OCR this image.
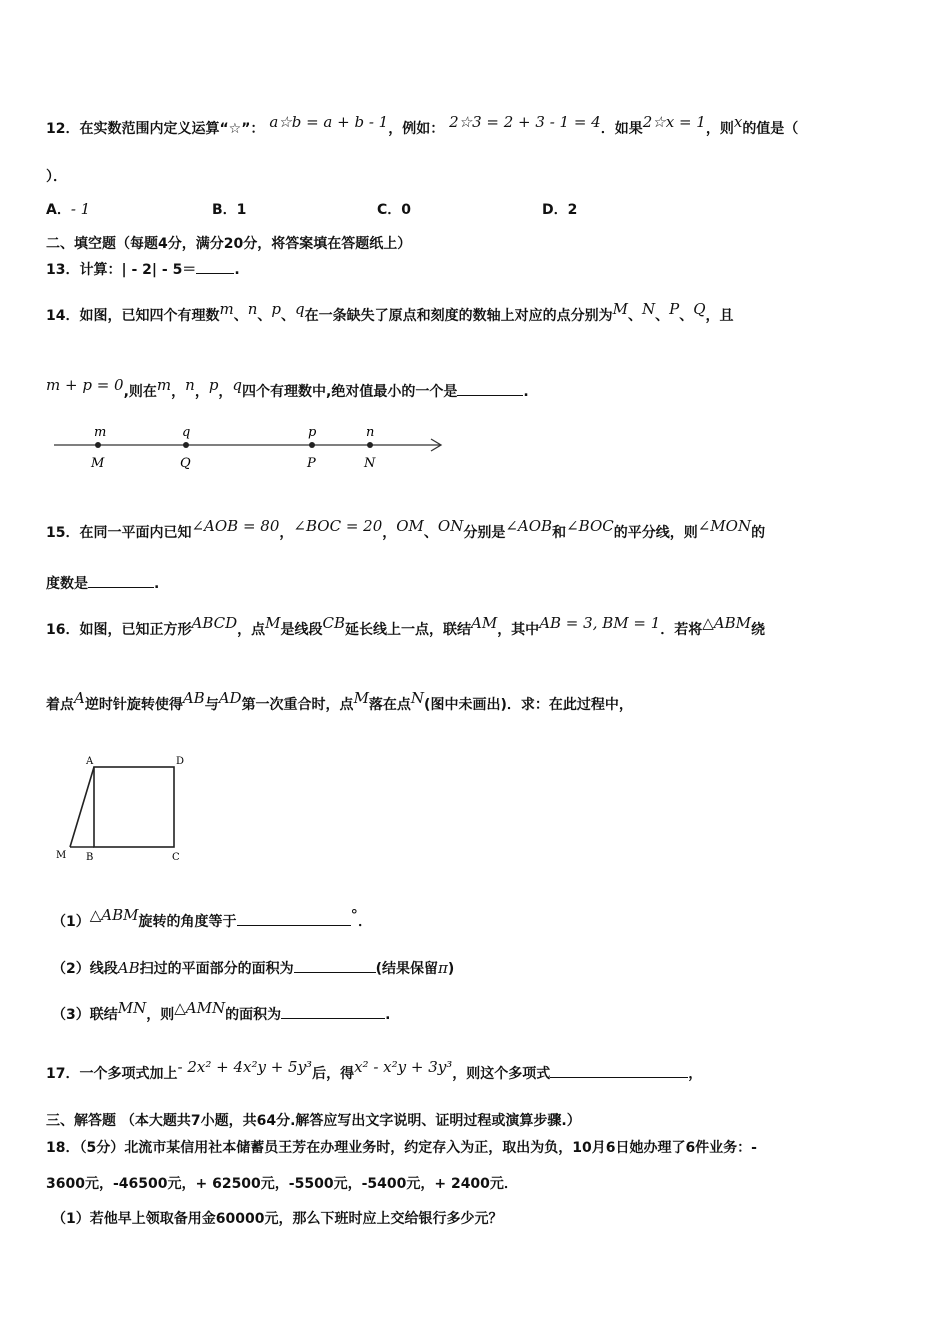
12．在实数范围内定义运算“☆”： a☆b = a + b - 1，例如： 2☆3 = 2 + 3 - 1 = 4．如果2☆x = 1，则x的值是（
）．
A．- 1	B．1	C．0	D．2
二、填空题（每题4分，满分20分，将答案填在答题纸上）
13．计算：| - 2| - 5＝	.
14．如图，已知四个有理数m、n、p、q在一条缺失了原点和刻度的数轴上对应的点分别为M、N、P、Q，且
m + p = 0,则在m，n，p，q四个有理数中,绝对值最小的一个是	.
m	q	p	n
M	Q	P	N
15．在同一平面内已知∠AOB = 80，∠BOC = 20，OM、ON分别是∠AOB和∠BOC的平分线，则∠MON的
度数是	.
16．如图，已知正方形ABCD，点M是线段CB延长线上一点，联结AM，其中AB = 3, BM = 1．若将△ABM绕
着点A逆时针旋转使得AB与AD第一次重合时，点M落在点N(图中未画出)．求：在此过程中，
A	D
M B	C
（1）△ABM旋转的角度等于	°．
（2）线段AB扫过的平面部分的面积为	(结果保留π)
（3）联结MN，则△AMN的面积为	.
17．一个多项式加上- 2x² + 4x²y + 5y³后，得x² - x²y + 3y³，则这个多项式	，
三、解答题 （本大题共7小题，共64分.解答应写出文字说明、证明过程或演算步骤.）
18．（5分）北流市某信用社本储蓄员王芳在办理业务时，约定存入为正，取出为负，10月6日她办理了6件业务：-
3600元，-46500元，+ 62500元，-5500元，-5400元，+ 2400元．
（1）若他早上领取备用金60000元，那么下班时应上交给银行多少元？
